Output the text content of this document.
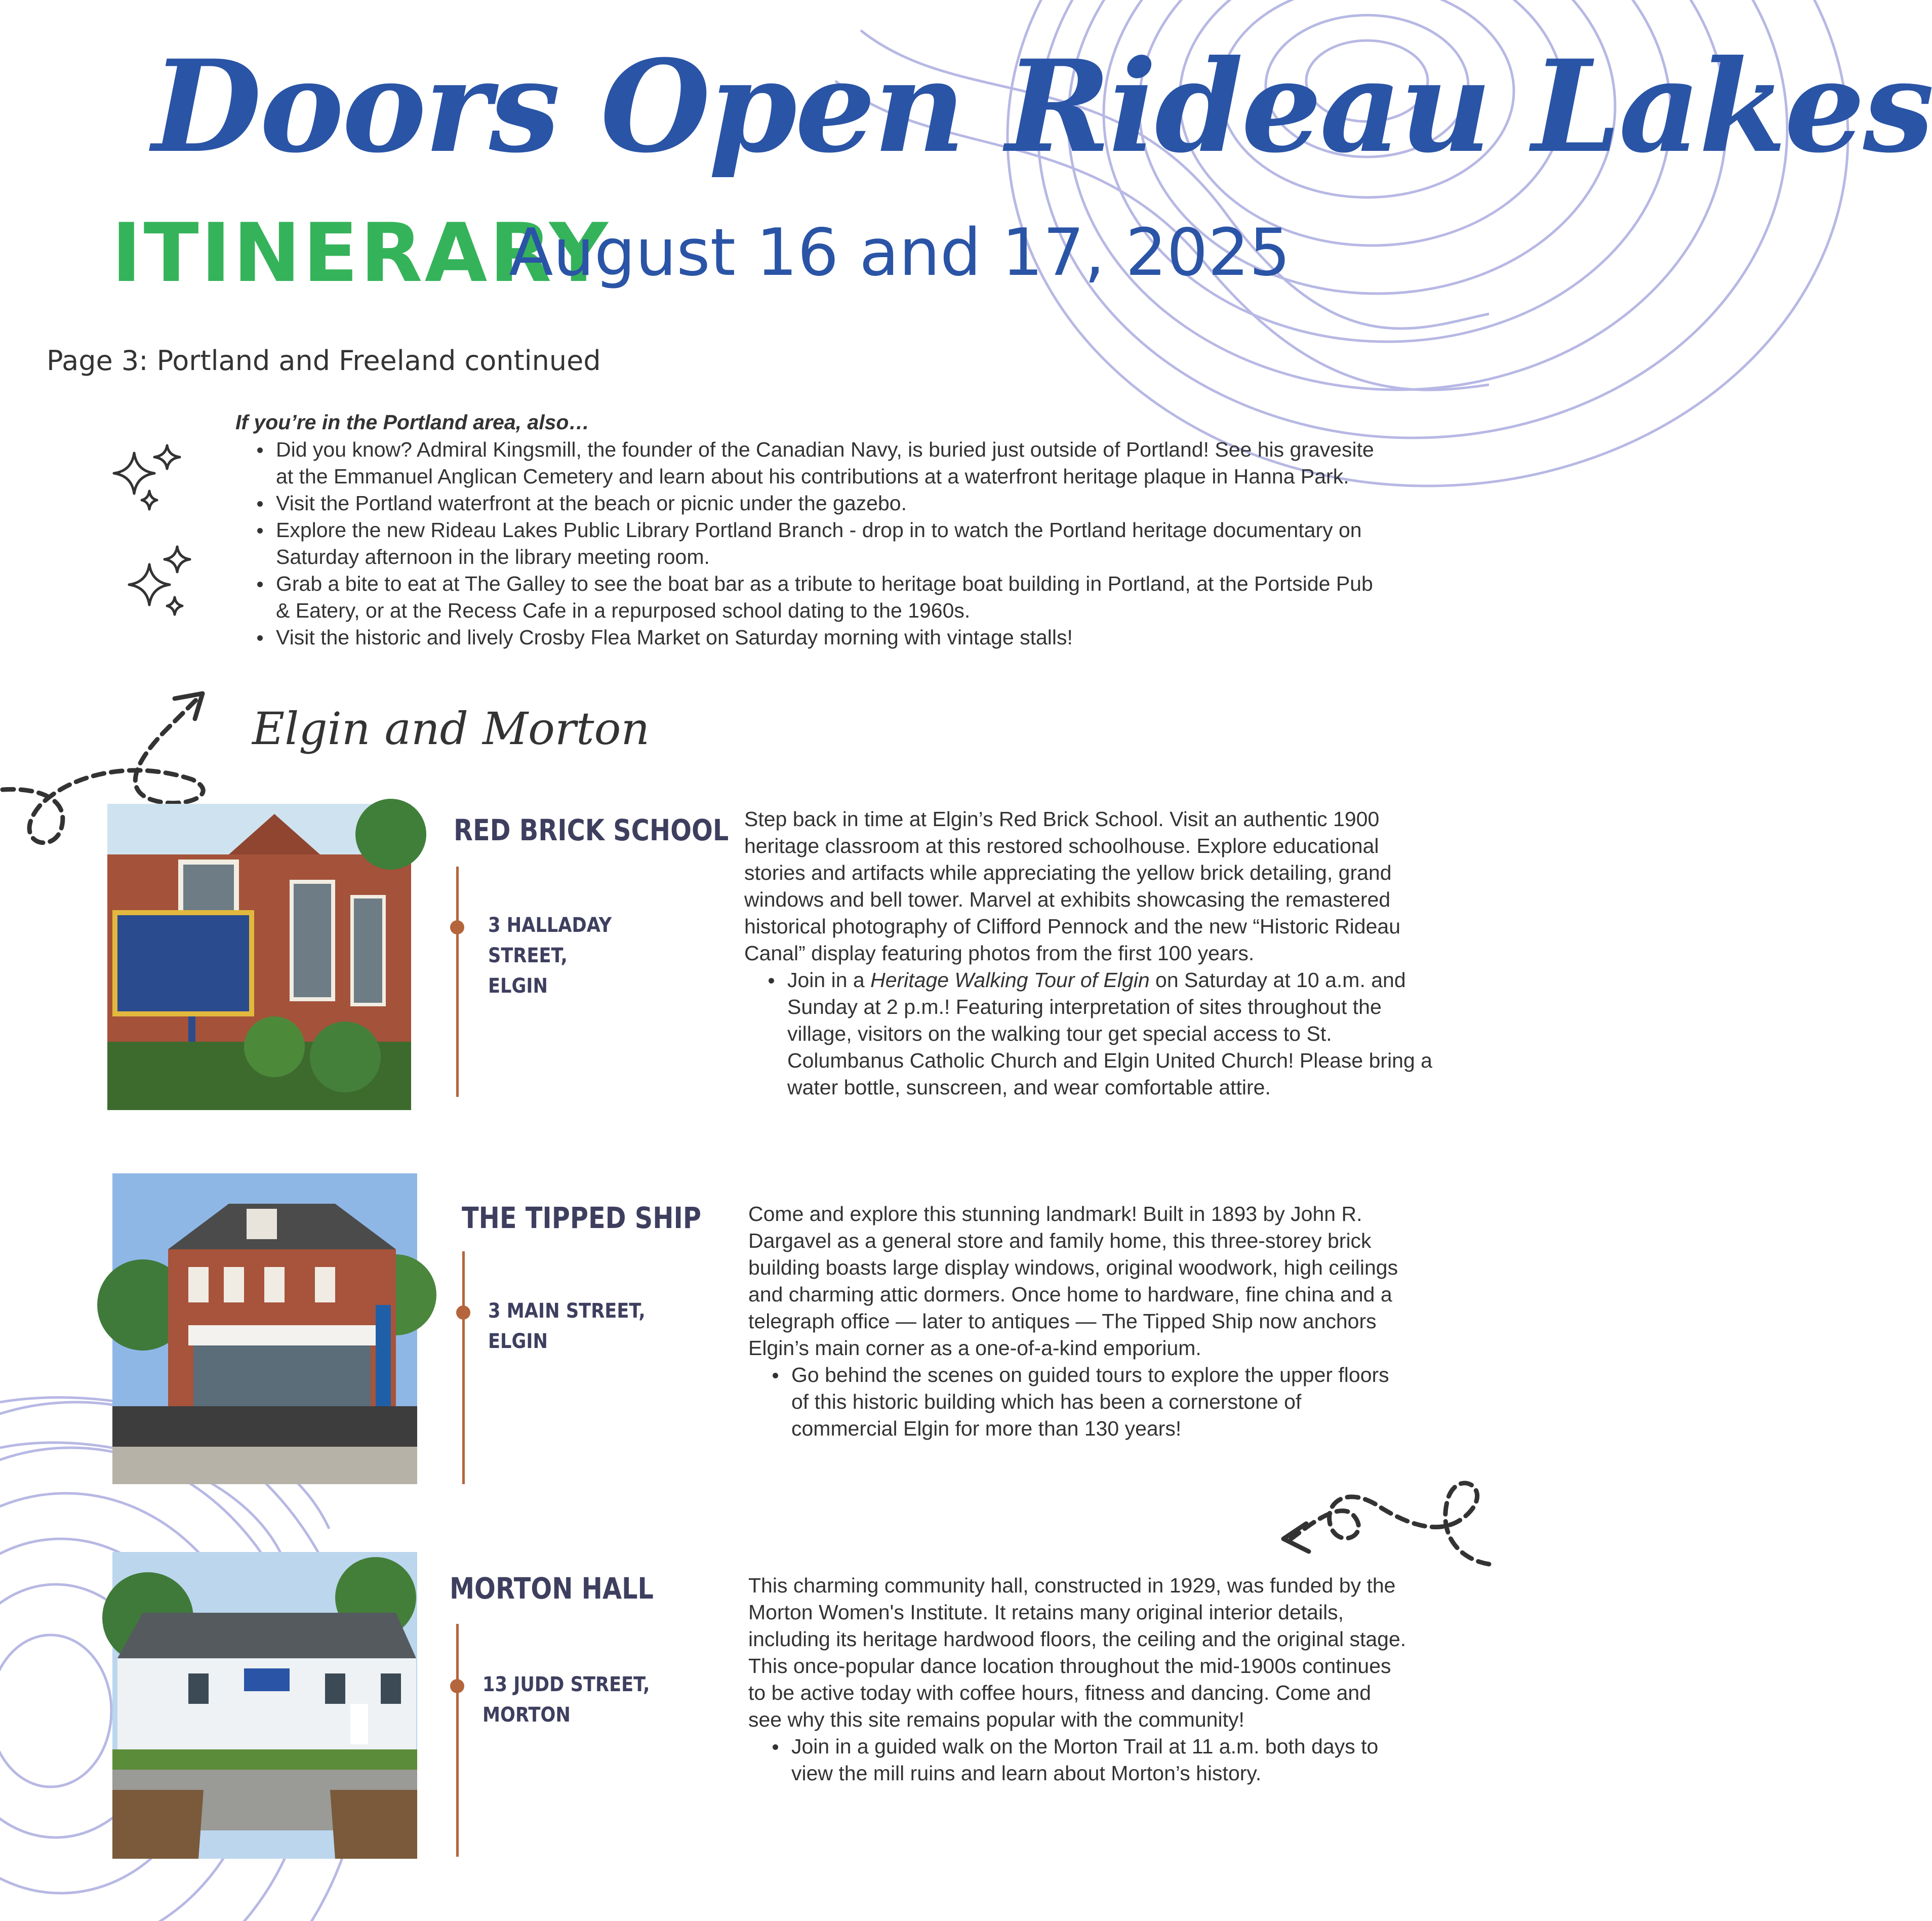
Doors Open Rideau Lakes
ITINERARY
August 16 and 17, 2025
Page 3: Portland and Freeland continued
If you’re in the Portland area, also…
Did you know? Admiral Kingsmill, the founder of the Canadian Navy, is buried just outside of Portland! See his gravesite at the Emmanuel Anglican Cemetery and learn about his contributions at a waterfront heritage plaque in Hanna Park.
Visit the Portland waterfront at the beach or picnic under the gazebo.
Explore the new Rideau Lakes Public Library Portland Branch - drop in to watch the Portland heritage documentary on Saturday afternoon in the library meeting room.
Grab a bite to eat at The Galley to see the boat bar as a tribute to heritage boat building in Portland, at the Portside Pub & Eatery, or at the Recess Cafe in a repurposed school dating to the 1960s.
Visit the historic and lively Crosby Flea Market on Saturday morning with vintage stalls!
Elgin and Morton
RED BRICK SCHOOL
3 HALLADAY STREET,
ELGIN

Step back in time at Elgin’s Red Brick School. Visit an authentic 1900 heritage classroom at this restored schoolhouse. Explore educational stories and artifacts while appreciating the yellow brick detailing, grand windows and bell tower. Marvel at exhibits showcasing the remastered historical photography of Clifford Pennock and the new “Historic Rideau Canal” display featuring photos from the first 100 years.

Join in a Heritage Walking Tour of Elgin on Saturday at 10 a.m. and Sunday at 2 p.m.! Featuring interpretation of sites throughout the village, visitors on the walking tour get special access to St. Columbanus Catholic Church and Elgin United Church! Please bring a water bottle, sunscreen, and wear comfortable attire.
THE TIPPED SHIP
3 MAIN STREET,
ELGIN

Come and explore this stunning landmark! Built in 1893 by John R. Dargavel as a general store and family home, this three-storey brick building boasts large display windows, original woodwork, high ceilings and charming attic dormers. Once home to hardware, fine china and a telegraph office — later to antiques — The Tipped Ship now anchors Elgin’s main corner as a one-of-a-kind emporium.

Go behind the scenes on guided tours to explore the upper floors of this historic building which has been a cornerstone of commercial Elgin for more than 130 years!
MORTON HALL
13 JUDD STREET,
MORTON

This charming community hall, constructed in 1929, was funded by the Morton Women's Institute. It retains many original interior details, including its heritage hardwood floors, the ceiling and the original stage. This once-popular dance location throughout the mid-1900s continues to be active today with coffee hours, fitness and dancing. Come and see why this site remains popular with the community!

Join in a guided walk on the Morton Trail at 11 a.m. both days to view the mill ruins and learn about Morton’s history.
